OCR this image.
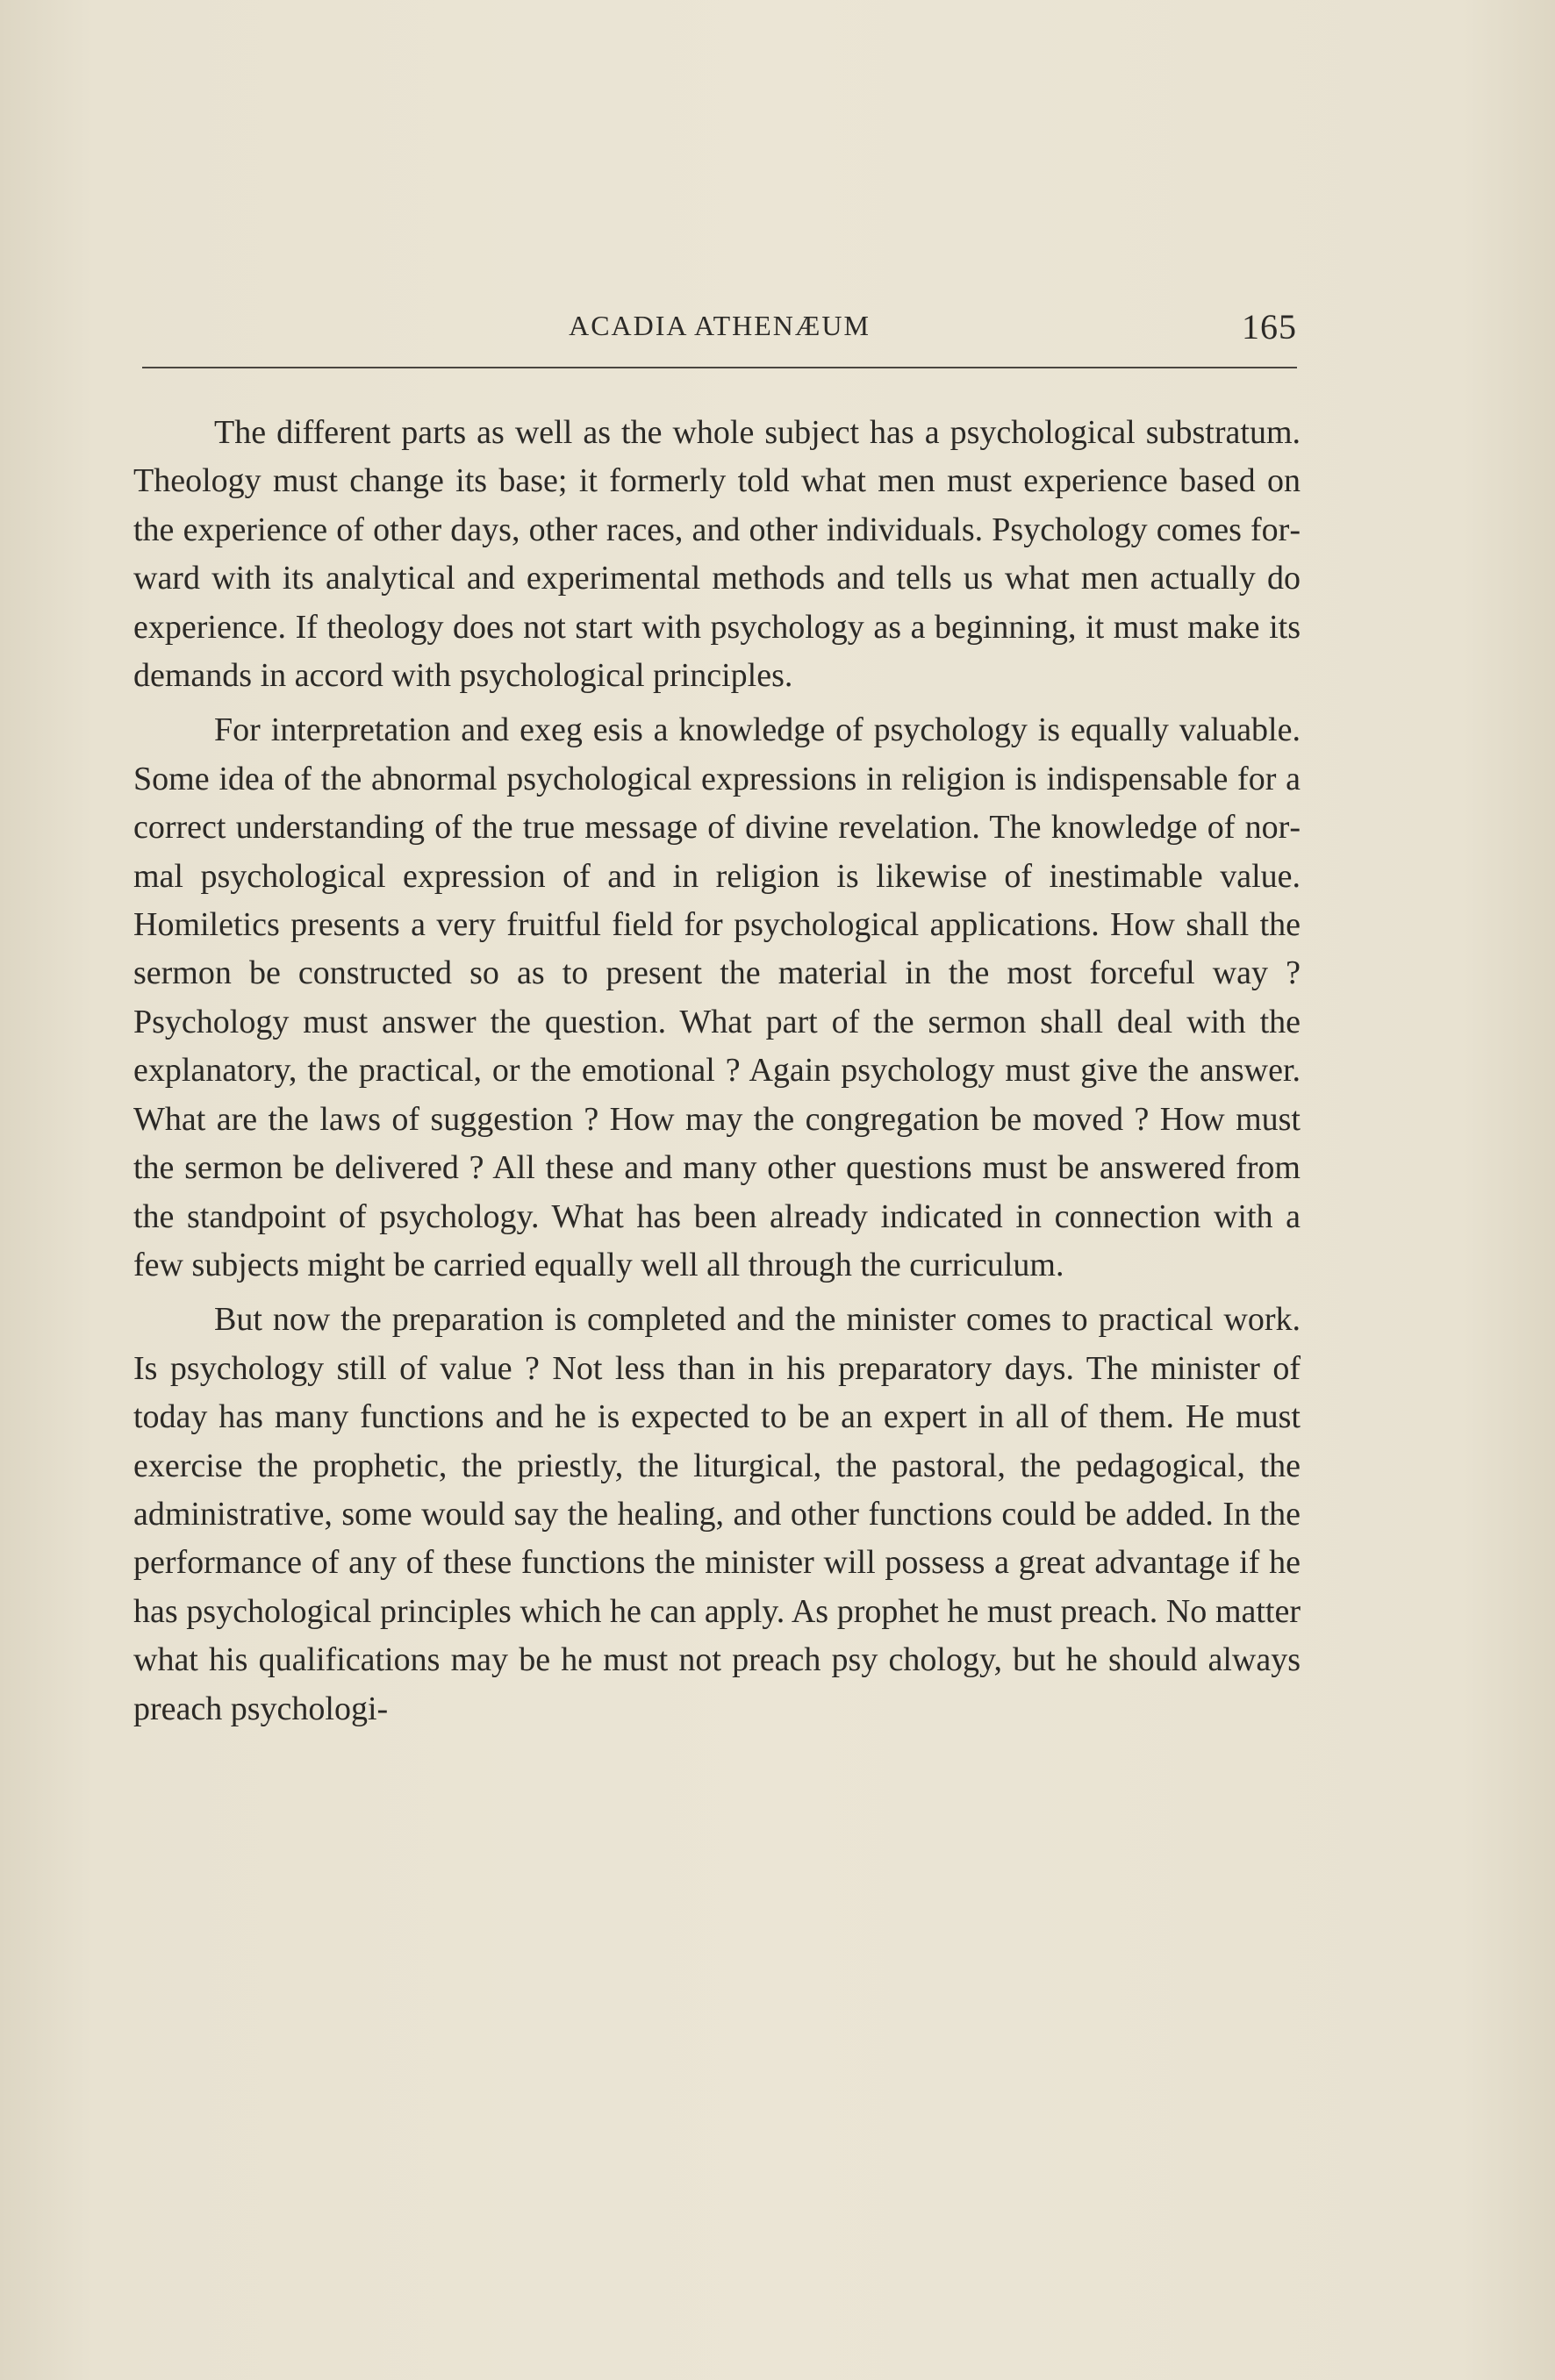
ACADIA ATHENÆUM	165

The different parts as well as the whole subject has a psychological substratum. Theology must change its base; it formerly told what men must experience based on the experience of other days, other races, and other individuals. Psychology comes forward with its analytical and experimental methods and tells us what men actually do experience. If theology does not start with psychology as a beginning, it must make its demands in accord with psychological principles.

For interpretation and exeg esis a knowledge of psychology is equally valuable. Some idea of the abnormal psychological expressions in religion is indispensable for a correct understanding of the true message of divine revelation. The knowledge of normal psychological expression of and in religion is likewise of inestimable value. Homiletics presents a very fruitful field for psychological applications. How shall the sermon be constructed so as to present the material in the most forceful way ? Psychology must answer the question. What part of the sermon shall deal with the explanatory, the practical, or the emotional ? Again psychology must give the answer. What are the laws of suggestion ? How may the congregation be moved ? How must the sermon be delivered ? All these and many other questions must be answered from the standpoint of psychology. What has been already indicated in connection with a few subjects might be carried equally well all through the curriculum.

But now the preparation is completed and the minister comes to practical work. Is psychology still of value ? Not less than in his preparatory days. The minister of today has many functions and he is expected to be an expert in all of them. He must exercise the prophetic, the priestly, the liturgical, the pastoral, the pedagogical, the administrative, some would say the healing, and other functions could be added. In the performance of any of these functions the minister will possess a great advantage if he has psychological principles which he can apply. As prophet he must preach. No matter what his qualifications may be he must not preach psy chology, but he should always preach psychologi-
